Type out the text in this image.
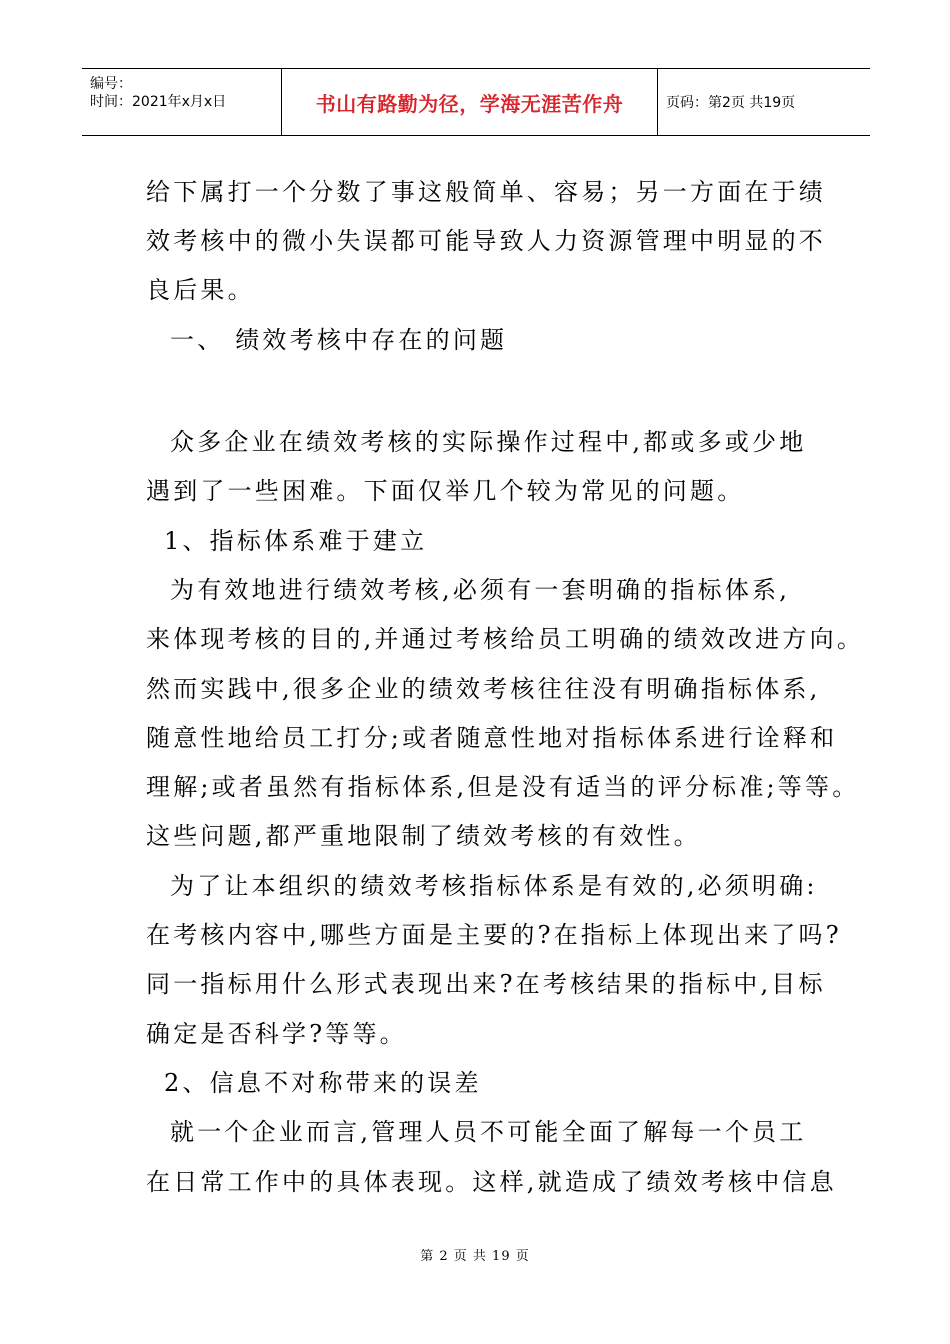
编号：
时间：2021年x月x日	书山有路勤为径，学海无涯苦作舟	页码：第2页 共19页
给下属打一个分数了事这般简单、容易；另一方面在于绩
效考核中的微小失误都可能导致人力资源管理中明显的不
良后果。
一、 绩效考核中存在的问题
众多企业在绩效考核的实际操作过程中,都或多或少地
遇到了一些困难。下面仅举几个较为常见的问题。
1、指标体系难于建立
为有效地进行绩效考核,必须有一套明确的指标体系,
来体现考核的目的,并通过考核给员工明确的绩效改进方向。
然而实践中,很多企业的绩效考核往往没有明确指标体系,
随意性地给员工打分;或者随意性地对指标体系进行诠释和
理解;或者虽然有指标体系,但是没有适当的评分标准;等等。
这些问题,都严重地限制了绩效考核的有效性。
为了让本组织的绩效考核指标体系是有效的,必须明确:
在考核内容中,哪些方面是主要的?在指标上体现出来了吗?
同一指标用什么形式表现出来?在考核结果的指标中,目标
确定是否科学?等等。
2、信息不对称带来的误差
就一个企业而言,管理人员不可能全面了解每一个员工
在日常工作中的具体表现。这样,就造成了绩效考核中信息
第 2 页 共 19 页
